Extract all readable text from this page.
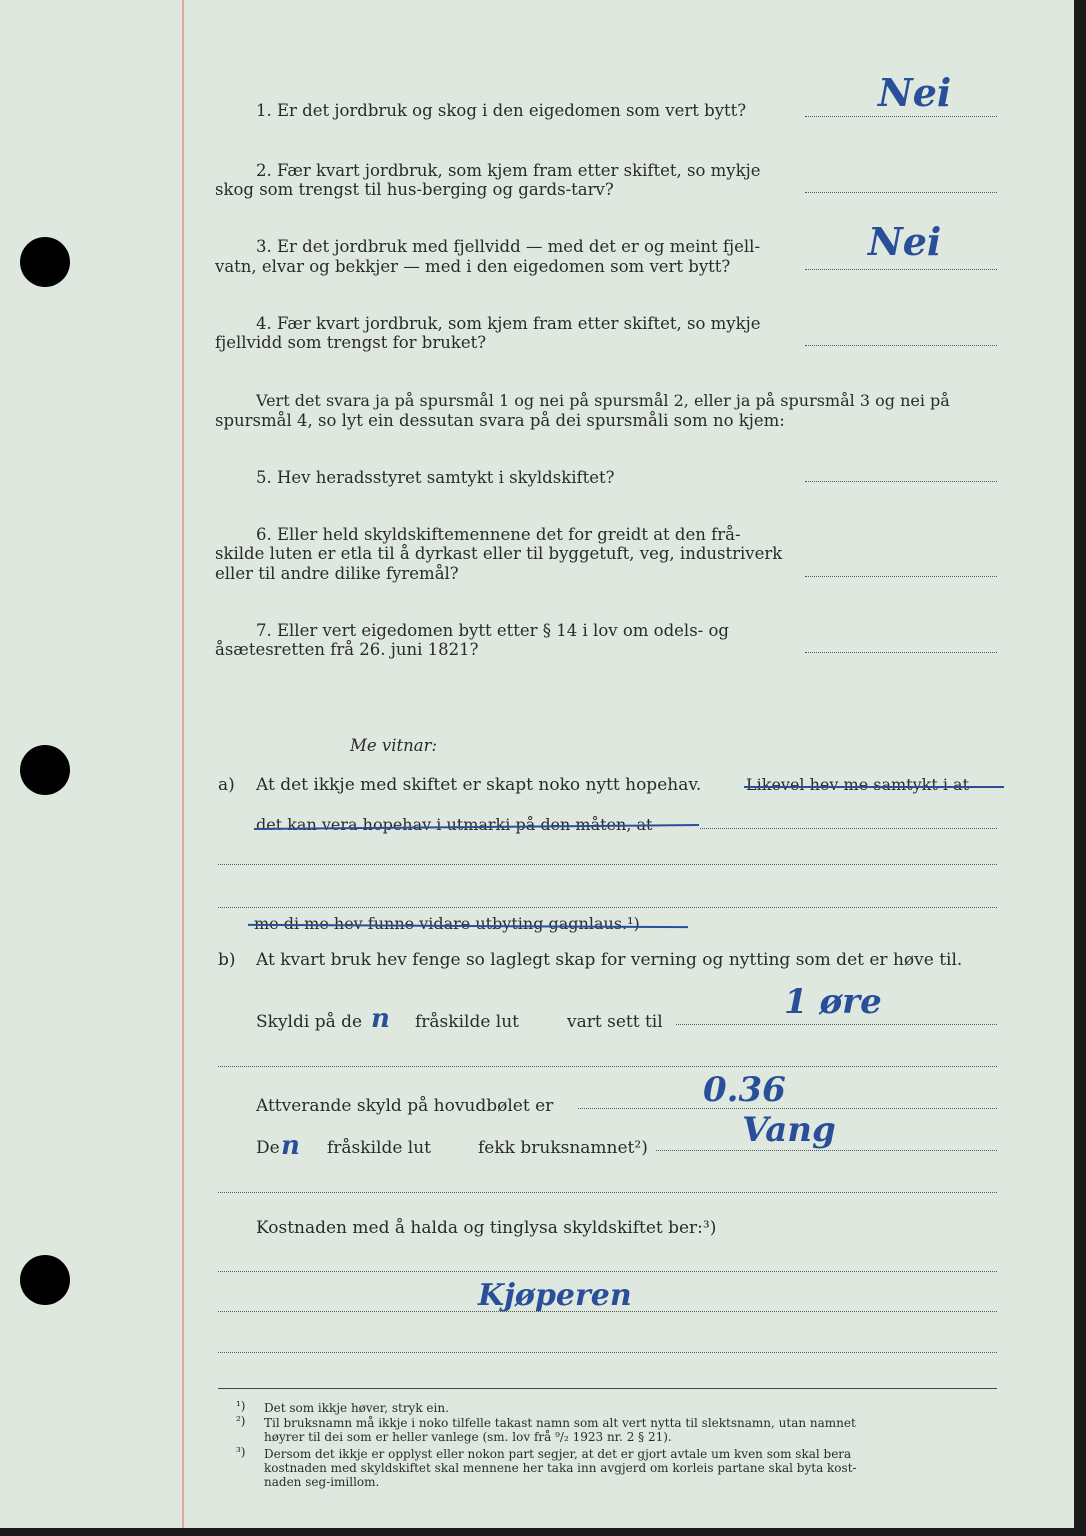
1. Er det jordbruk og skog i den eigedomen som vert bytt?	Nei
2. Fær kvart jordbruk, som kjem fram etter skiftet, so mykje
skog som trengst til hus-berging og gards-tarv?
3. Er det jordbruk med fjellvidd — med det er og meint fjell-
vatn, elvar og bekkjer — med i den eigedomen som vert bytt?
Nei
4. Fær kvart jordbruk, som kjem fram etter skiftet, so mykje
fjellvidd som trengst for bruket?
Vert det svara ja på spursmål 1 og nei på spursmål 2, eller ja på spursmål 3 og nei på
spursmål 4, so lyt ein dessutan svara på dei spursmåli som no kjem:
5. Hev heradsstyret samtykt i skyldskiftet?
6. Eller held skyldskiftemennene det for greidt at den frå-
skilde luten er etla til å dyrkast eller til byggetuft, veg, industriverk
eller til andre dilike fyremål?
7. Eller vert eigedomen bytt etter § 14 i lov om odels- og
åsætesretten frå 26. juni 1821?
Me vitnar:
a) At det ikkje med skiftet er skapt noko nytt hopehav.	Likevel hev me samtykt i at
det kan vera hopehav i utmarki på den måten, at
me di me hev funne vidare utbyting gagnlaus.¹)
b) At kvart bruk hev fenge so laglegt skap for verning og nytting som det er høve til.
Skyldi på de n fråskilde lut	vart sett til	1 øre
Attverande skyld på hovudbølet er	0.36
De n fråskilde lut	fekk bruksnamnet²)	Vang
Kostnaden med å halda og tinglysa skyldskiftet ber:³)
Kjøperen
¹) Det som ikkje høver, stryk ein.
²) Til bruksnamn må ikkje i noko tilfelle takast namn som alt vert nytta til slektsnamn, utan namnet
høyrer til dei som er heller vanlege (sm. lov frå ⁹/₂ 1923 nr. 2 § 21).
³) Dersom det ikkje er opplyst eller nokon part segjer, at det er gjort avtale um kven som skal bera
kostnaden med skyldskiftet skal mennene her taka inn avgjerd om korleis partane skal byta kost-
naden seg-imillom.
